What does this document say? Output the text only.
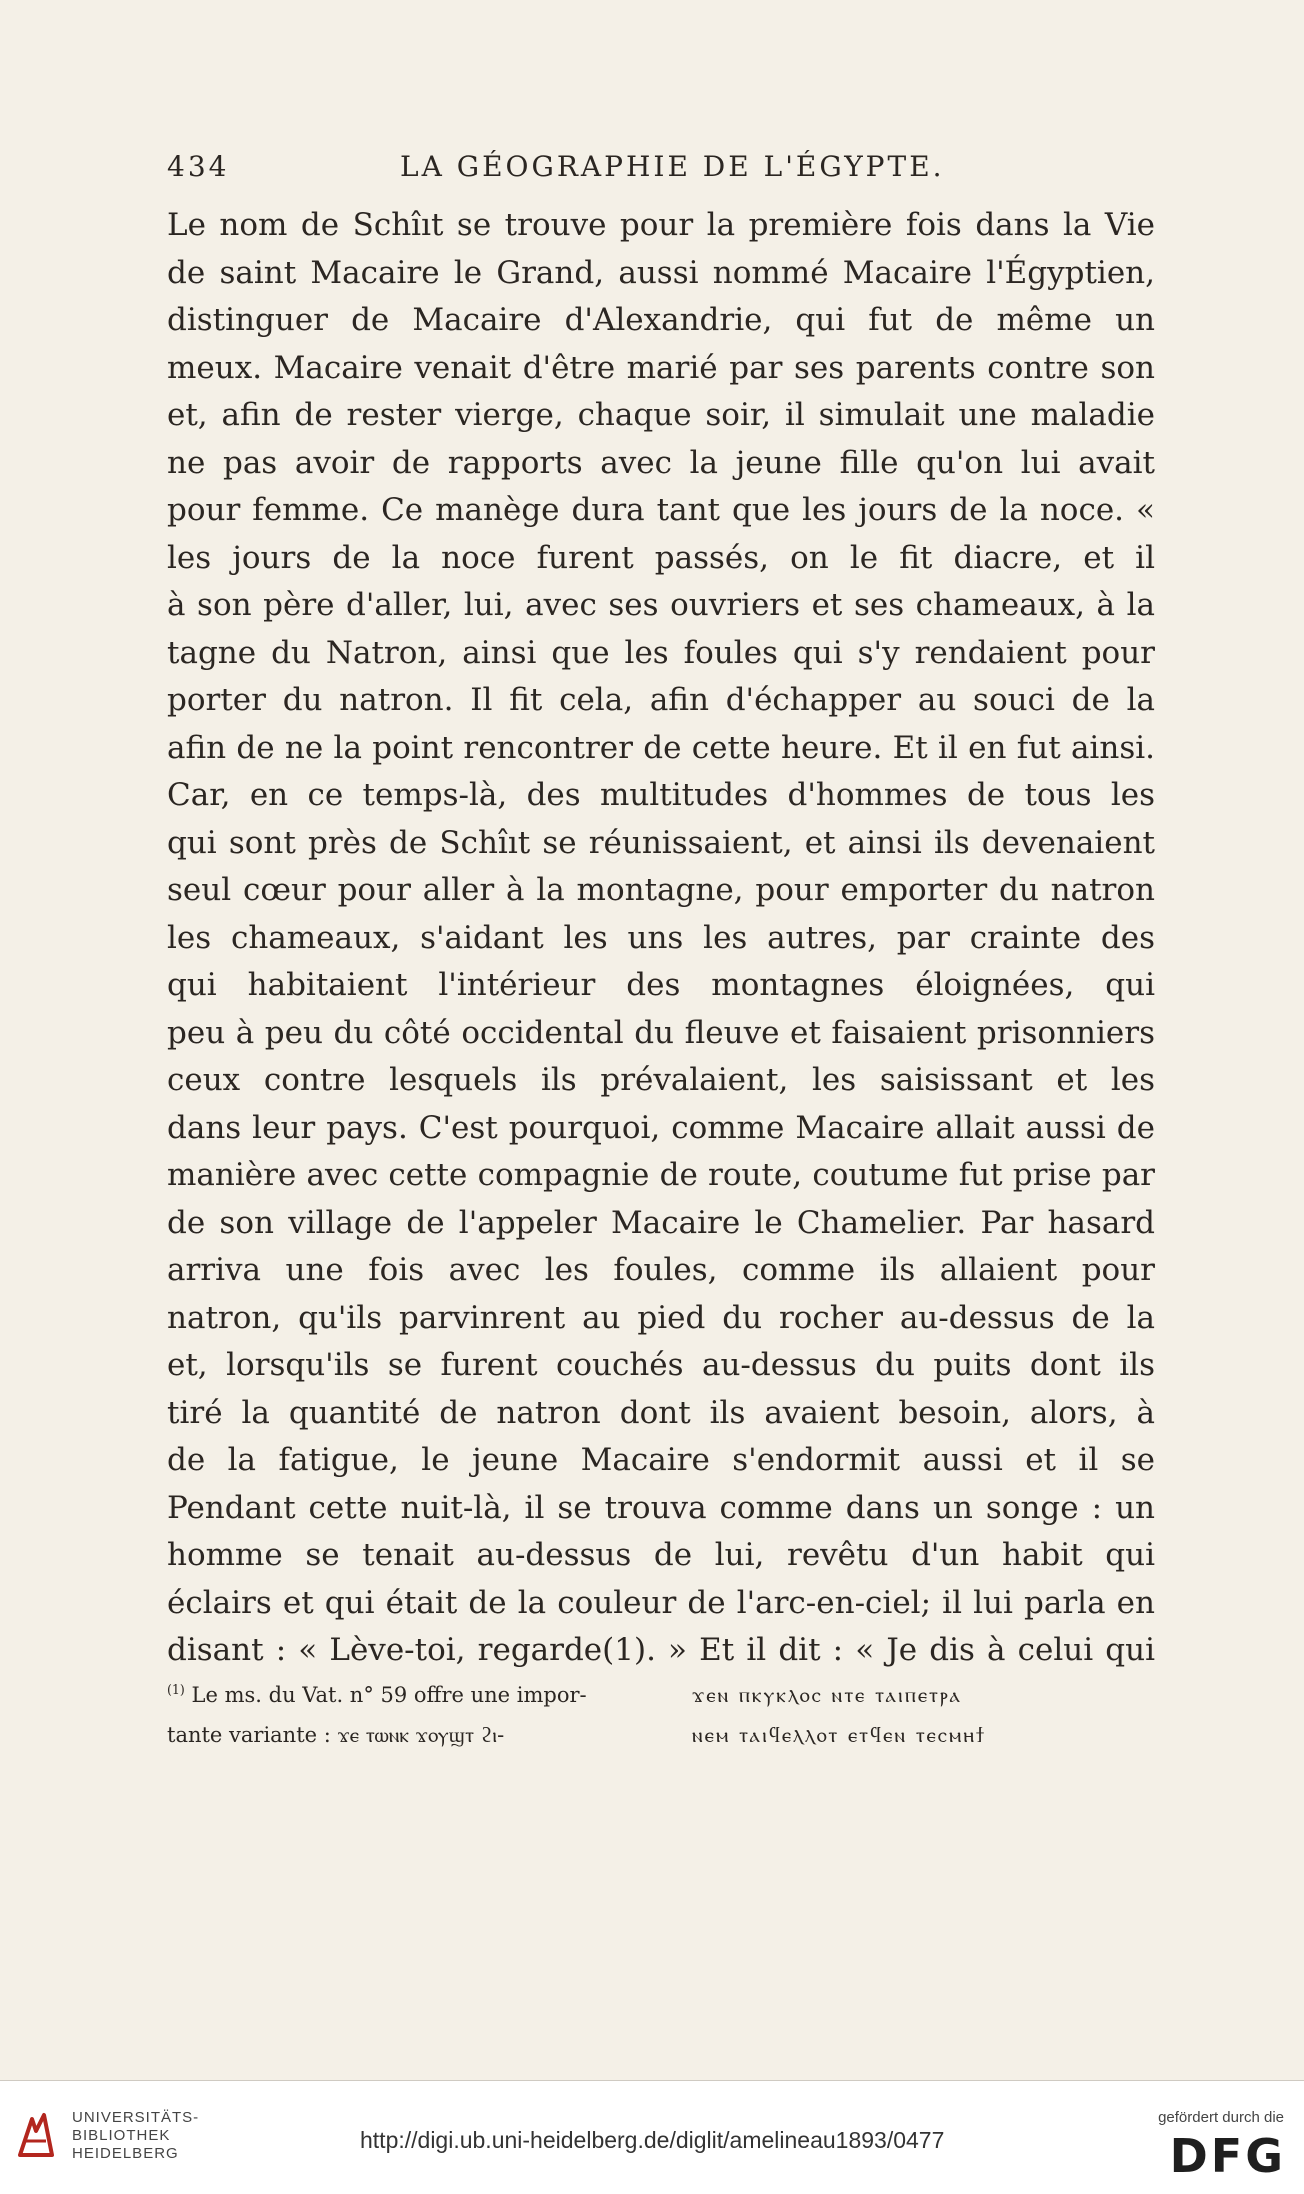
434	LA GÉOGRAPHIE DE L'ÉGYPTE.
Le nom de Schîıt se trouve pour la première fois dans la Vie
de saint Macaire le Grand, aussi nommé Macaire l'Égyptien,
distinguer de Macaire d'Alexandrie, qui fut de même un
meux. Macaire venait d'être marié par ses parents contre son
et, afin de rester vierge, chaque soir, il simulait une maladie
ne pas avoir de rapports avec la jeune fille qu'on lui avait
pour femme. Ce manège dura tant que les jours de la noce. «
les jours de la noce furent passés, on le fit diacre, et il
à son père d'aller, lui, avec ses ouvriers et ses chameaux, à la
tagne du Natron, ainsi que les foules qui s'y rendaient pour
porter du natron. Il fit cela, afin d'échapper au souci de la
afin de ne la point rencontrer de cette heure. Et il en fut ainsi.
Car, en ce temps-là, des multitudes d'hommes de tous les
qui sont près de Schîıt se réunissaient, et ainsi ils devenaient
seul cœur pour aller à la montagne, pour emporter du natron
les chameaux, s'aidant les uns les autres, par crainte des
qui habitaient l'intérieur des montagnes éloignées, qui
peu à peu du côté occidental du fleuve et faisaient prisonniers
ceux contre lesquels ils prévalaient, les saisissant et les
dans leur pays. C'est pourquoi, comme Macaire allait aussi de
manière avec cette compagnie de route, coutume fut prise par
de son village de l'appeler Macaire le Chamelier. Par hasard
arriva une fois avec les foules, comme ils allaient pour
natron, qu'ils parvinrent au pied du rocher au-dessus de la
et, lorsqu'ils se furent couchés au-dessus du puits dont ils
tiré la quantité de natron dont ils avaient besoin, alors, à
de la fatigue, le jeune Macaire s'endormit aussi et il se
Pendant cette nuit-là, il se trouva comme dans un songe : un
homme se tenait au-dessus de lui, revêtu d'un habit qui
éclairs et qui était de la couleur de l'arc-en-ciel; il lui parla en
disant : « Lève-toi, regarde(1). » Et il dit : « Je dis à celui qui
$^{(1)}$ Le ms. du Vat. n° 59 offre une impor-
tante variante : ϫⲉ ⲧⲱⲛⲕ ϫⲟⲩϣⲧ ϩⲓ-
ϫⲉⲛ ⲡⲕⲩⲕⲗⲟⲥ ⲛⲧⲉ ⲧⲁⲓⲡⲉⲧⲣⲁ
ⲛⲉⲙ ⲧⲁⲓϥⲉⲗⲗⲟⲧ ⲉⲧϥⲉⲛ ⲧⲉⲥⲙⲏϯ
UNIVERSITÄTS-
BIBLIOTHEK
HEIDELBERG
http://digi.ub.uni-heidelberg.de/diglit/amelineau1893/0477
gefördert durch die
DFG
